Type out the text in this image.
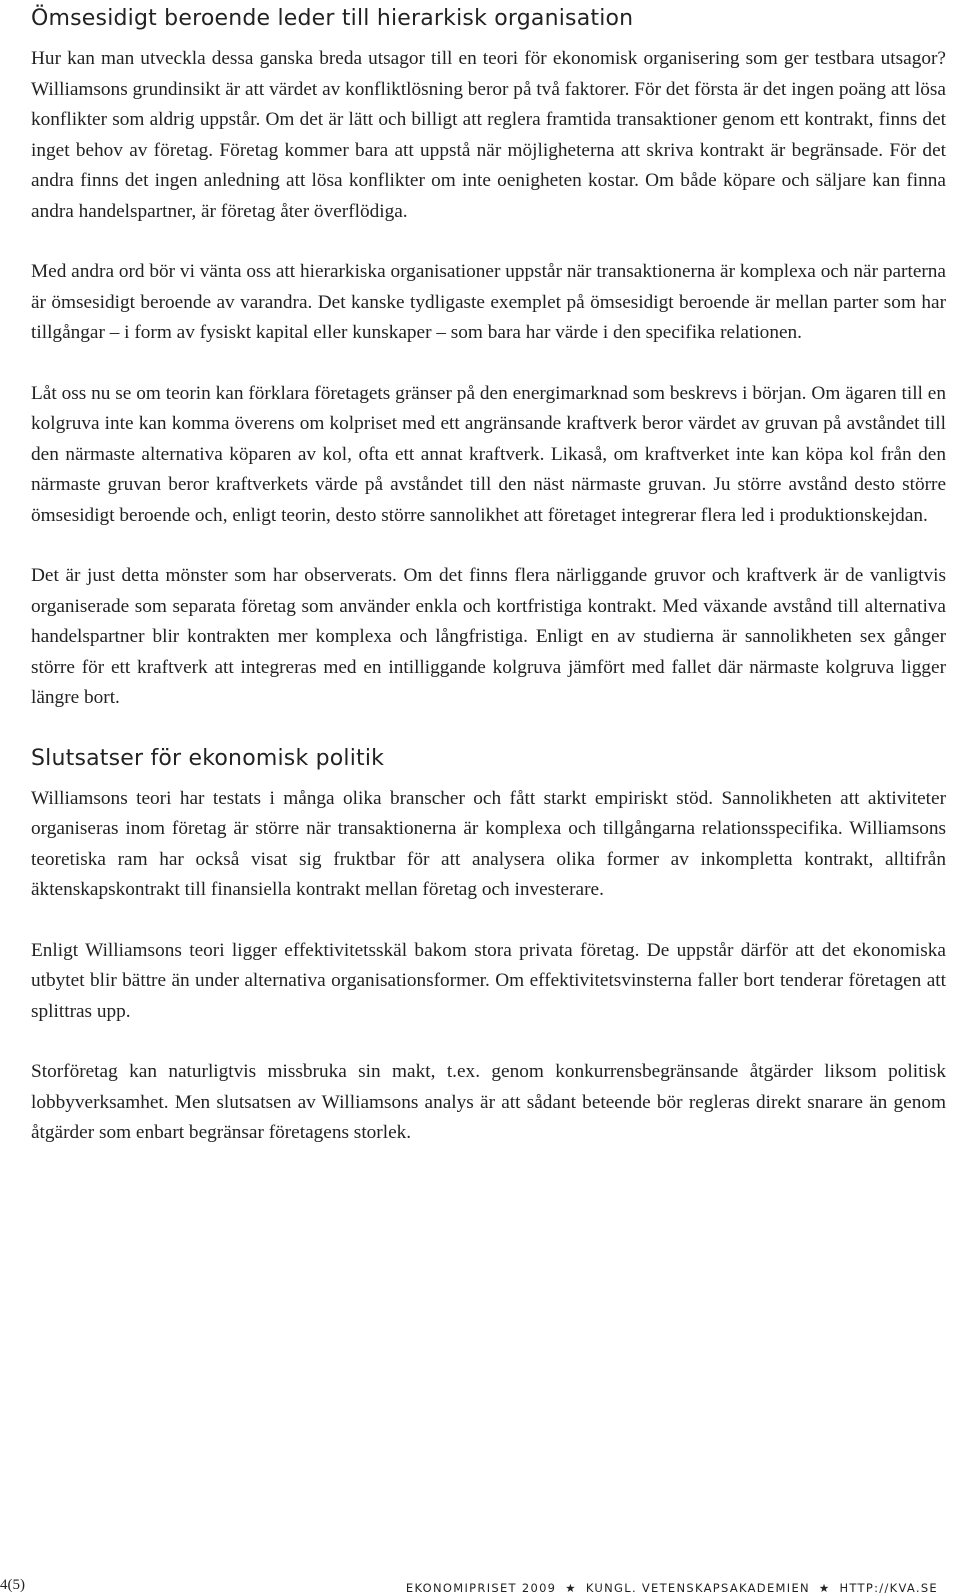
Ömsesidigt beroende leder till hierarkisk organisation

Hur kan man utveckla dessa ganska breda utsagor till en teori för ekonomisk organisering som ger testbara utsagor? Williamsons grundinsikt är att värdet av konfliktlösning beror på två faktorer. För det första är det ingen poäng att lösa konflikter som aldrig uppstår. Om det är lätt och billigt att reglera framtida transaktioner genom ett kontrakt, finns det inget behov av företag. Företag kommer bara att uppstå när möjligheterna att skriva kontrakt är begränsade. För det andra finns det ingen anledning att lösa konflikter om inte oenigheten kostar. Om både köpare och säljare kan finna andra handelspartner, är företag åter överflödiga.

Med andra ord bör vi vänta oss att hierarkiska organisationer uppstår när transaktionerna är komplexa och när parterna är ömsesidigt beroende av varandra. Det kanske tydligaste exemplet på ömsesidigt beroende är mellan parter som har tillgångar – i form av fysiskt kapital eller kunskaper – som bara har värde i den specifika relationen.

Låt oss nu se om teorin kan förklara företagets gränser på den energimarknad som beskrevs i början. Om ägaren till en kolgruva inte kan komma överens om kolpriset med ett angränsande kraftverk beror värdet av gruvan på avståndet till den närmaste alternativa köparen av kol, ofta ett annat kraftverk. Likaså, om kraftverket inte kan köpa kol från den närmaste gruvan beror kraftverkets värde på avståndet till den näst närmaste gruvan. Ju större avstånd desto större ömsesidigt beroende och, enligt teorin, desto större sannolikhet att företaget integrerar flera led i produktionskejdan.

Det är just detta mönster som har observerats. Om det finns flera närliggande gruvor och kraftverk är de vanligtvis organiserade som separata företag som använder enkla och kortfristiga kontrakt. Med växande avstånd till alternativa handelspartner blir kontrakten mer komplexa och långfristiga. Enligt en av studierna är sannolikheten sex gånger större för ett kraftverk att integreras med en intilliggande kolgruva jämfört med fallet där närmaste kolgruva ligger längre bort.

Slutsatser för ekonomisk politik

Williamsons teori har testats i många olika branscher och fått starkt empiriskt stöd. Sannolikheten att aktiviteter organiseras inom företag är större när transaktionerna är komplexa och tillgångarna relationsspecifika. Williamsons teoretiska ram har också visat sig fruktbar för att analysera olika former av inkompletta kontrakt, alltifrån äktenskapskontrakt till finansiella kontrakt mellan företag och investerare.

Enligt Williamsons teori ligger effektivitetsskäl bakom stora privata företag. De uppstår därför att det ekonomiska utbytet blir bättre än under alternativa organisationsformer. Om effektivitetsvinsterna faller bort tenderar företagen att splittras upp.

Storföretag kan naturligtvis missbruka sin makt, t.ex. genom konkurrensbegränsande åtgärder liksom politisk lobbyverksamhet. Men slutsatsen av Williamsons analys är att sådant beteende bör regleras direkt snarare än genom åtgärder som enbart begränsar företagens storlek.

4(5)	EKONOMIPRISET 2009 ★ KUNGL. VETENSKAPSAKADEMIEN ★ HTTP://KVA.SE
